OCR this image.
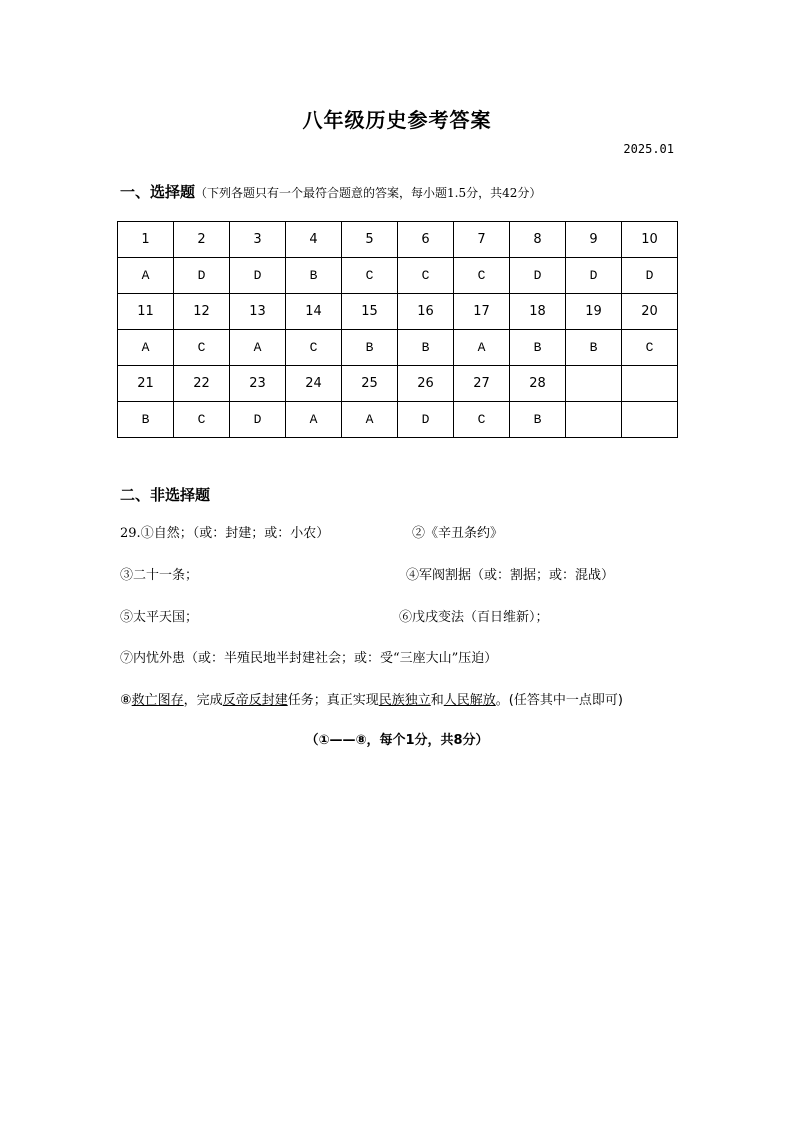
八年级历史参考答案
2025.01
一、选择题（下列各题只有一个最符合题意的答案，每小题1.5分，共42分）
1	2	3	4	5	6	7	8	9	10
A	D	D	B	C	C	C	D	D	D
11	12	13	14	15	16	17	18	19	20
A	C	A	C	B	B	A	B	B	C
21	22	23	24	25	26	27	28		
B	C	D	A	A	D	C	B		
二、非选择题
29.①自然；（或：封建；或：小农）	②《辛丑条约》
③二十一条；	④军阀割据（或：割据；或：混战）
⑤太平天国；	⑥戊戌变法（百日维新）；
⑦内忧外患（或：半殖民地半封建社会；或：受“三座大山”压迫）
⑧救亡图存，完成反帝反封建任务；真正实现民族独立和人民解放。(任答其中一点即可)
（①——⑧，每个1分，共8分）
